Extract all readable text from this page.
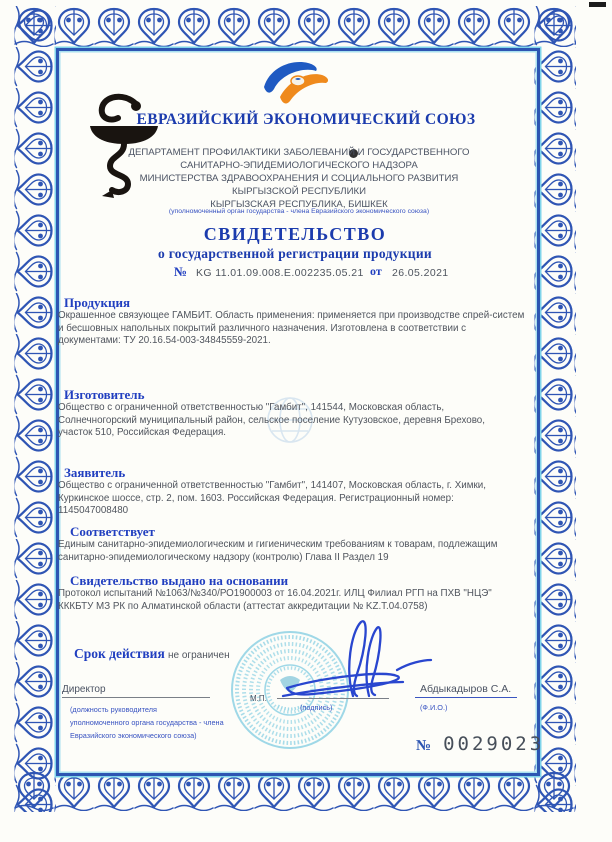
ЕВРАЗИЙСКИЙ ЭКОНОМИЧЕСКИЙ СОЮЗ
ДЕПАРТАМЕНТ ПРОФИЛАКТИКИ ЗАБОЛЕВАНИЙ И ГОСУДАРСТВЕННОГО
САНИТАРНО-ЭПИДЕМИОЛОГИЧЕСКОГО НАДЗОРА
МИНИСТЕРСТВА ЗДРАВООХРАНЕНИЯ И СОЦИАЛЬНОГО РАЗВИТИЯ
КЫРГЫЗСКОЙ РЕСПУБЛИКИ
КЫРГЫЗСКАЯ РЕСПУБЛИКА, БИШКЕК
(уполномоченный орган государства - члена Евразийского экономического союза)
СВИДЕТЕЛЬСТВО
о государственной регистрации продукции
№ KG 11.01.09.008.E.002235.05.21 от 26.05.2021
Продукция
Окрашенное связующее ГАМБИТ. Область применения: применяется при производстве спрей-систем и бесшовных напольных покрытий различного назначения. Изготовлена в соответствии с документами: ТУ 20.16.54-003-34845559-2021.
Изготовитель
Общество с ограниченной ответственностью "Гамбит", 141544, Московская область, Солнечногорский муниципальный район, сельское поселение Кутузовское, деревня Брехово, участок 510, Российская Федерация.
Заявитель
Общество с ограниченной ответственностью "Гамбит", 141407, Московская область, г. Химки, Куркинское шоссе, стр. 2, пом. 1603. Российская Федерация. Регистрационный номер: 1145047008480
Соответствует
Единым санитарно-эпидемиологическим и гигиеническим требованиям к товарам, подлежащим санитарно-эпидемиологическому надзору (контролю) Глава II Раздел 19
Свидетельство выдано на основании
Протокол испытаний №1063/№340/РО1900003 от 16.04.2021г. ИЛЦ Филиал РГП на ПХВ "НЦЭ" КККБТУ МЗ РК по Алматинской области (аттестат аккредитации № KZ.T.04.0758)
Срок действия не ограничен
Директор
(должность руководителя
уполномоченного органа государства - члена
Евразийского экономического союза)
М.П.
(подпись)
Абдыкадыров С.А.
(Ф.И.О.)
№ 0029023
